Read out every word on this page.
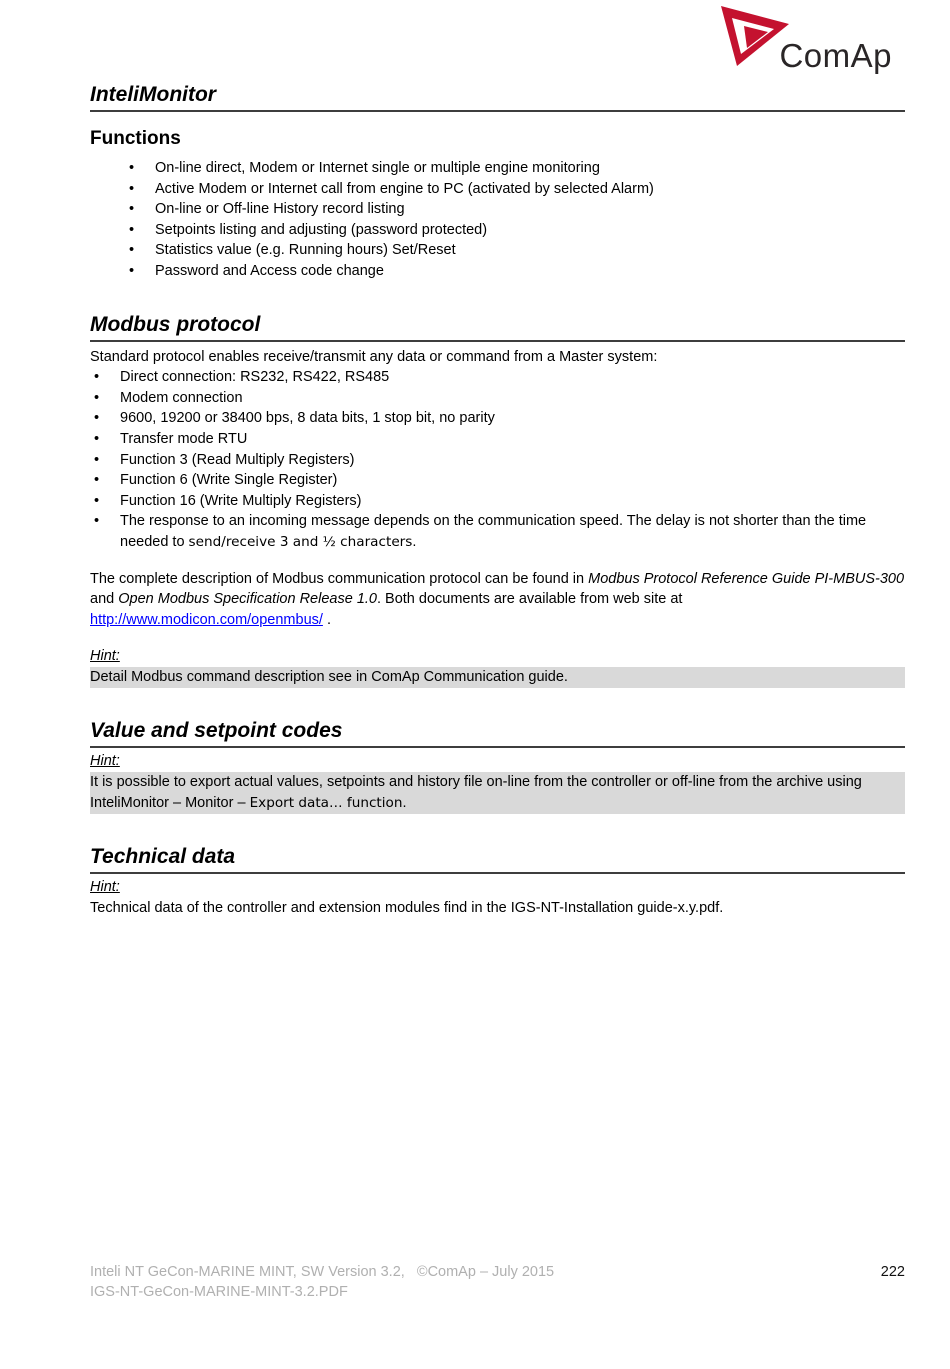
ComAp
InteliMonitor
Functions
• On-line direct, Modem or Internet single or multiple engine monitoring
• Active Modem or Internet call from engine to PC (activated by selected Alarm)
• On-line or Off-line History record listing
• Setpoints listing and adjusting (password protected)
• Statistics value (e.g. Running hours) Set/Reset
• Password and Access code change
Modbus protocol

Standard protocol enables receive/transmit any data or command from a Master system:

• Direct connection: RS232, RS422, RS485
• Modem connection
• 9600, 19200 or 38400 bps, 8 data bits, 1 stop bit, no parity
• Transfer mode RTU
• Function 3 (Read Multiply Registers)
• Function 6 (Write Single Register)
• Function 16 (Write Multiply Registers)
• The response to an incoming message depends on the communication speed. The delay is not shorter than the time needed to send/receive 3 and ½ characters.

The complete description of Modbus communication protocol can be found in Modbus Protocol Reference Guide PI-MBUS-300 and Open Modbus Specification Release 1.0. Both documents are available from web site at http://www.modicon.com/openmbus/ .

Hint:
Detail Modbus command description see in ComAp Communication guide.
Value and setpoint codes
Hint:
It is possible to export actual values, setpoints and history file on-line from the controller or off-line from the archive using InteliMonitor – Monitor – Export data… function.
Technical data
Hint:
Technical data of the controller and extension modules find in the IGS-NT-Installation guide-x.y.pdf.
Inteli NT GeCon-MARINE MINT, SW Version 3.2,   ©ComAp – July 2015
IGS-NT-GeCon-MARINE-MINT-3.2.PDF
222
